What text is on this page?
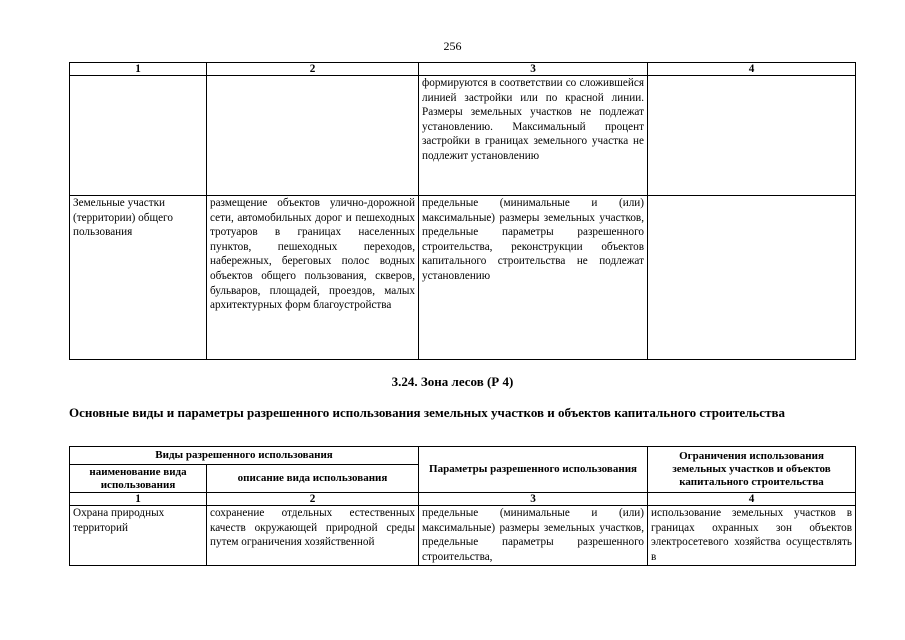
256
1	2	3	4
		формируются в соответствии со сложившейся линией застройки или по красной линии. Размеры земельных участков не подлежат установлению. Максимальный процент застройки в границах земельного участка не подлежит установлению	
Земельные участки (территории) общего пользования	размещение объектов улично-дорожной сети, автомобильных дорог и пешеходных тротуаров в границах населенных пунктов, пешеходных переходов, набережных, береговых полос водных объектов общего пользования, скверов, бульваров, площадей, проездов, малых архитектурных форм благоустройства	предельные (минимальные и (или) максимальные) размеры земельных участков, предельные параметры разрешенного строительства, реконструкции объектов капитального строительства не подлежат установлению	
3.24. Зона лесов (Р 4)
Основные виды и параметры разрешенного использования земельных участков и объектов капитального строительства
Виды разрешенного использования		Параметры разрешенного использования	Ограничения использования земельных участков и объектов капитального строительства
наименование вида использования	описание вида использования		
1	2	3	4
Охрана природных территорий	сохранение отдельных естественных качеств окружающей природной среды путем ограничения хозяйственной	предельные (минимальные и (или) максимальные) размеры земельных участков, предельные параметры разрешенного строительства,	использование земельных участков в границах охранных зон объектов электросетевого хозяйства осуществлять в
